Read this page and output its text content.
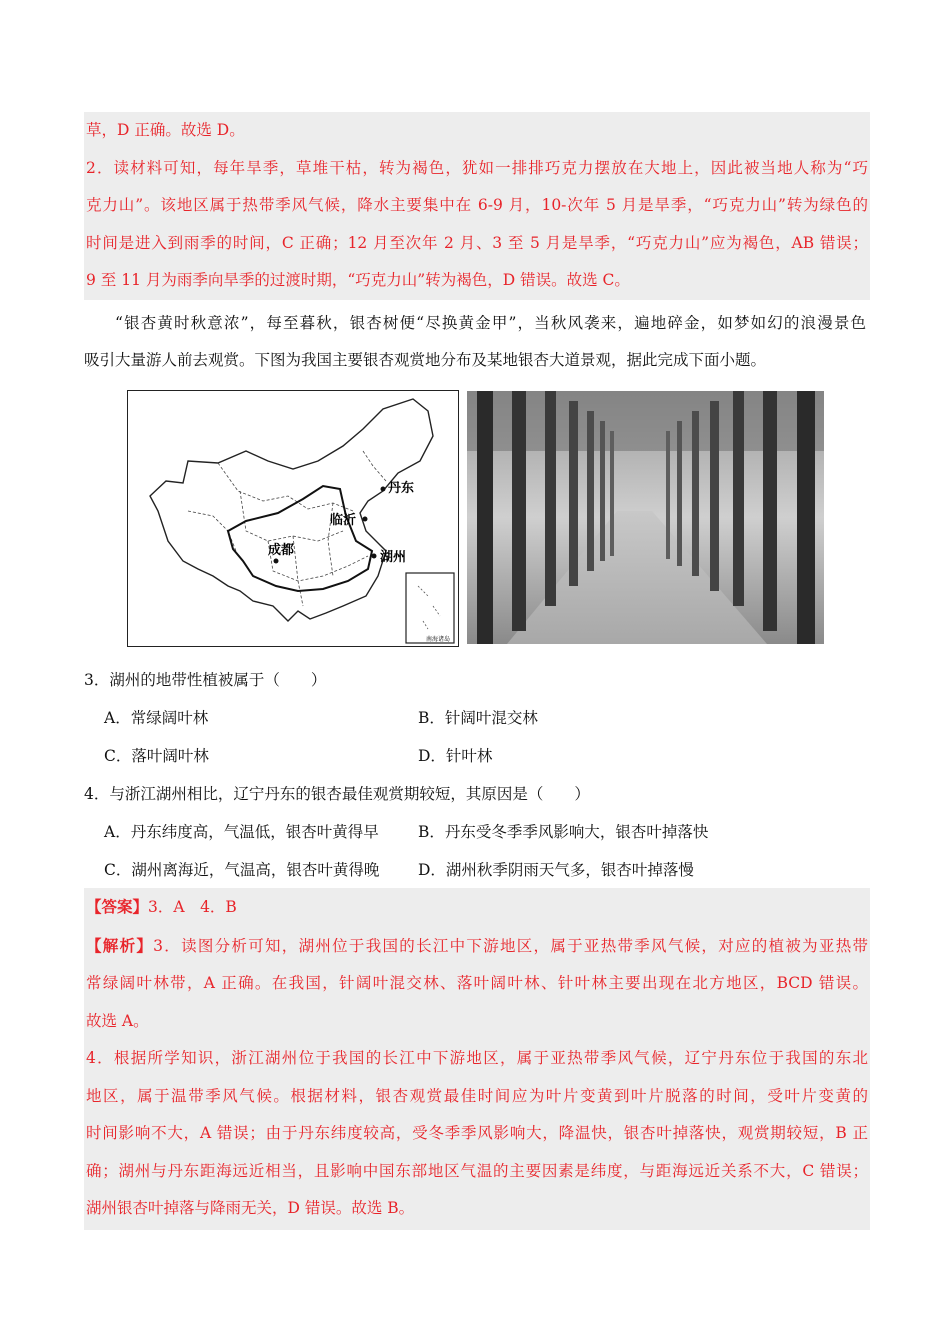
草，D 正确。故选 D。
2．读材料可知，每年旱季，草堆干枯，转为褐色，犹如一排排巧克力摆放在大地上，因此被当地人称为“巧
克力山”。该地区属于热带季风气候，降水主要集中在 6-9 月，10-次年 5 月是旱季，“巧克力山”转为绿色的
时间是进入到雨季的时间，C 正确；12 月至次年 2 月、3 至 5 月是旱季，“巧克力山”应为褐色，AB 错误；
9 至 11 月为雨季向旱季的过渡时期，“巧克力山”转为褐色，D 错误。故选 C。
“银杏黄时秋意浓”，每至暮秋，银杏树便“尽换黄金甲”，当秋风袭来，遍地碎金，如梦如幻的浪漫景色
吸引大量游人前去观赏。下图为我国主要银杏观赏地分布及某地银杏大道景观，据此完成下面小题。
丹东
临沂
成都	湖州
南海诸岛
3．湖州的地带性植被属于（　　）
A．常绿阔叶林	B．针阔叶混交林
C．落叶阔叶林	D．针叶林
4．与浙江湖州相比，辽宁丹东的银杏最佳观赏期较短，其原因是（　　）
A．丹东纬度高，气温低，银杏叶黄得早	B．丹东受冬季季风影响大，银杏叶掉落快
C．湖州离海近，气温高，银杏叶黄得晚 D．湖州秋季阴雨天气多，银杏叶掉落慢
【答案】3．A　4．B
【解析】3．读图分析可知，湖州位于我国的长江中下游地区，属于亚热带季风气候，对应的植被为亚热带
常绿阔叶林带，A 正确。在我国，针阔叶混交林、落叶阔叶林、针叶林主要出现在北方地区，BCD 错误。
故选 A。
4．根据所学知识，浙江湖州位于我国的长江中下游地区，属于亚热带季风气候，辽宁丹东位于我国的东北
地区，属于温带季风气候。根据材料，银杏观赏最佳时间应为叶片变黄到叶片脱落的时间，受叶片变黄的
时间影响不大，A 错误；由于丹东纬度较高，受冬季季风影响大，降温快，银杏叶掉落快，观赏期较短，B 正
确；湖州与丹东距海远近相当，且影响中国东部地区气温的主要因素是纬度，与距海远近关系不大，C 错误；
湖州银杏叶掉落与降雨无关，D 错误。故选 B。
